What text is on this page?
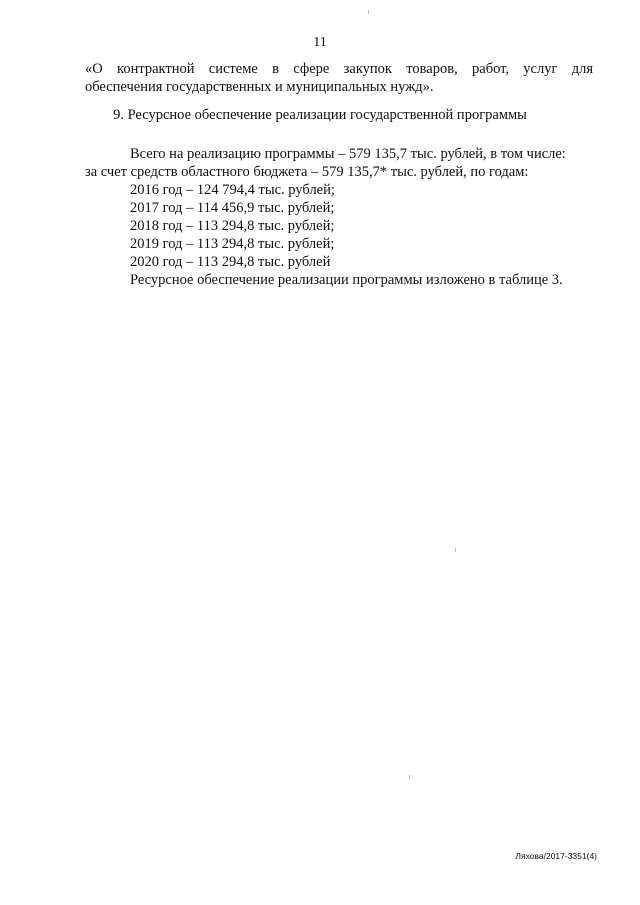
11
«О контрактной системе в сфере закупок товаров, работ, услуг для
обеспечения государственных и муниципальных нужд».
9. Ресурсное обеспечение реализации государственной программы
Всего на реализацию программы – 579 135,7 тыс. рублей, в том числе:
за счет средств областного бюджета – 579 135,7* тыс. рублей, по годам:
2016 год – 124 794,4 тыс. рублей;
2017 год – 114 456,9 тыс. рублей;
2018 год – 113 294,8 тыс. рублей;
2019 год – 113 294,8 тыс. рублей;
2020 год – 113 294,8 тыс. рублей
Ресурсное обеспечение реализации программы изложено в таблице 3.
Ляхова/2017-3351(4)
